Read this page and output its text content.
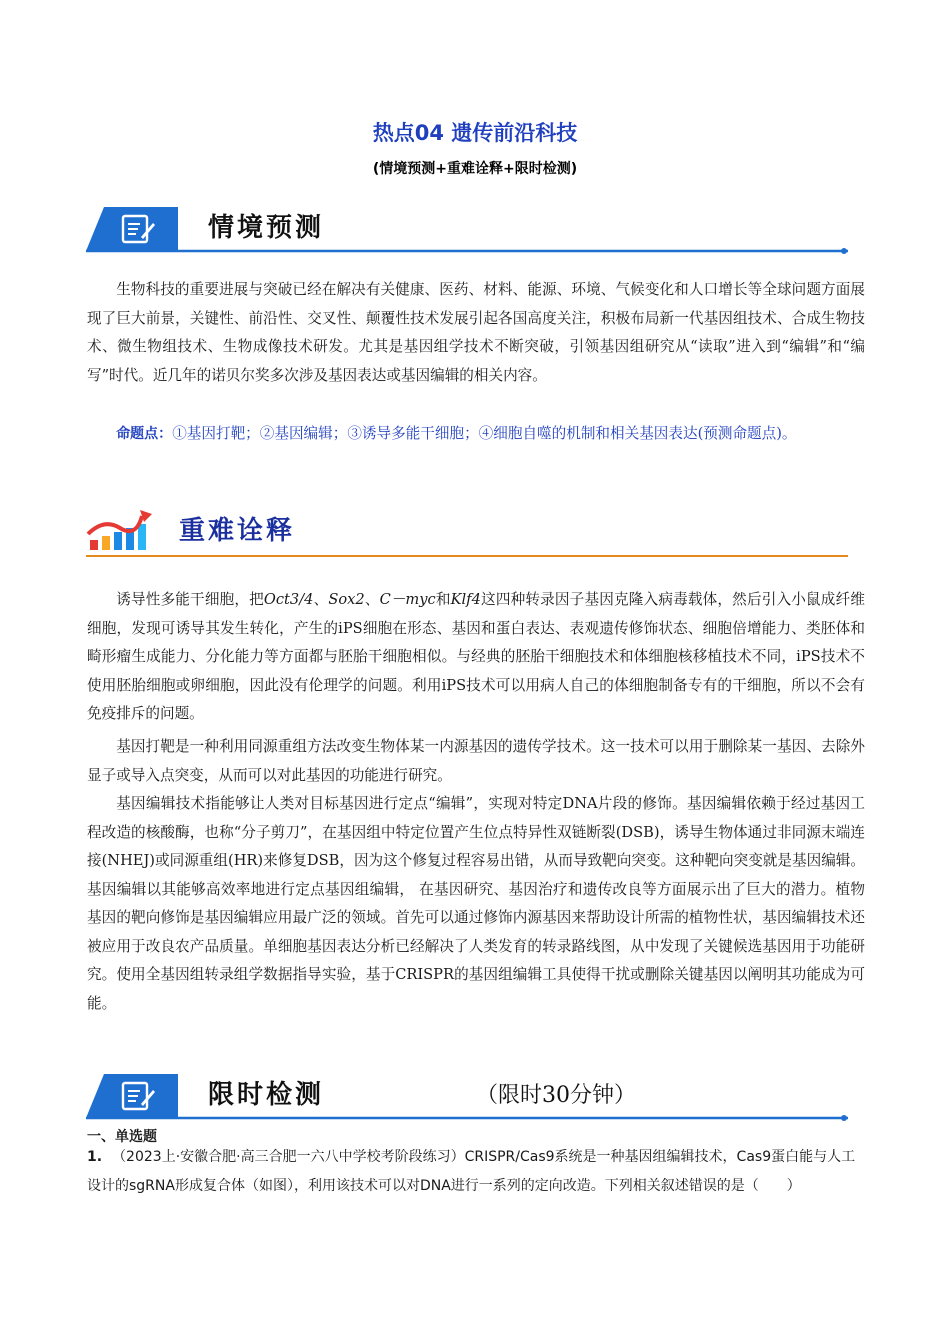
热点04 遗传前沿科技
(情境预测+重难诠释+限时检测)
情境预测
生物科技的重要进展与突破已经在解决有关健康、医药、材料、能源、环境、气候变化和人口增长等全球问题方面展现了巨大前景，关键性、前沿性、交叉性、颠覆性技术发展引起各国高度关注，积极布局新一代基因组技术、合成生物技术、微生物组技术、生物成像技术研发。尤其是基因组学技术不断突破，引领基因组研究从“读取”进入到“编辑”和“编写”时代。近几年的诺贝尔奖多次涉及基因表达或基因编辑的相关内容。
命题点：①基因打靶；②基因编辑；③诱导多能干细胞；④细胞自噬的机制和相关基因表达(预测命题点)。
重难诠释
诱导性多能干细胞，把Oct3/4、Sox2、C－myc和Klf4这四种转录因子基因克隆入病毒载体，然后引入小鼠成纤维细胞，发现可诱导其发生转化，产生的iPS细胞在形态、基因和蛋白表达、表观遗传修饰状态、细胞倍增能力、类胚体和畸形瘤生成能力、分化能力等方面都与胚胎干细胞相似。与经典的胚胎干细胞技术和体细胞核移植技术不同，iPS技术不使用胚胎细胞或卵细胞，因此没有伦理学的问题。利用iPS技术可以用病人自己的体细胞制备专有的干细胞，所以不会有免疫排斥的问题。
基因打靶是一种利用同源重组方法改变生物体某一内源基因的遗传学技术。这一技术可以用于删除某一基因、去除外显子或导入点突变，从而可以对此基因的功能进行研究。
基因编辑技术指能够让人类对目标基因进行定点“编辑”，实现对特定DNA片段的修饰。基因编辑依赖于经过基因工程改造的核酸酶，也称“分子剪刀”，在基因组中特定位置产生位点特异性双链断裂(DSB)，诱导生物体通过非同源末端连接(NHEJ)或同源重组(HR)来修复DSB，因为这个修复过程容易出错，从而导致靶向突变。这种靶向突变就是基因编辑。基因编辑以其能够高效率地进行定点基因组编辑， 在基因研究、基因治疗和遗传改良等方面展示出了巨大的潜力。植物基因的靶向修饰是基因编辑应用最广泛的领域。首先可以通过修饰内源基因来帮助设计所需的植物性状，基因编辑技术还被应用于改良农产品质量。单细胞基因表达分析已经解决了人类发育的转录路线图，从中发现了关键候选基因用于功能研究。使用全基因组转录组学数据指导实验，基于CRISPR的基因组编辑工具使得干扰或删除关键基因以阐明其功能成为可能。
限时检测	（限时30分钟）
一、单选题
1. （2023上·安徽合肥·高三合肥一六八中学校考阶段练习）CRISPR/Cas9系统是一种基因组编辑技术，Cas9蛋白能与人工设计的sgRNA形成复合体（如图），利用该技术可以对DNA进行一系列的定向改造。下列相关叙述错误的是（　　）
